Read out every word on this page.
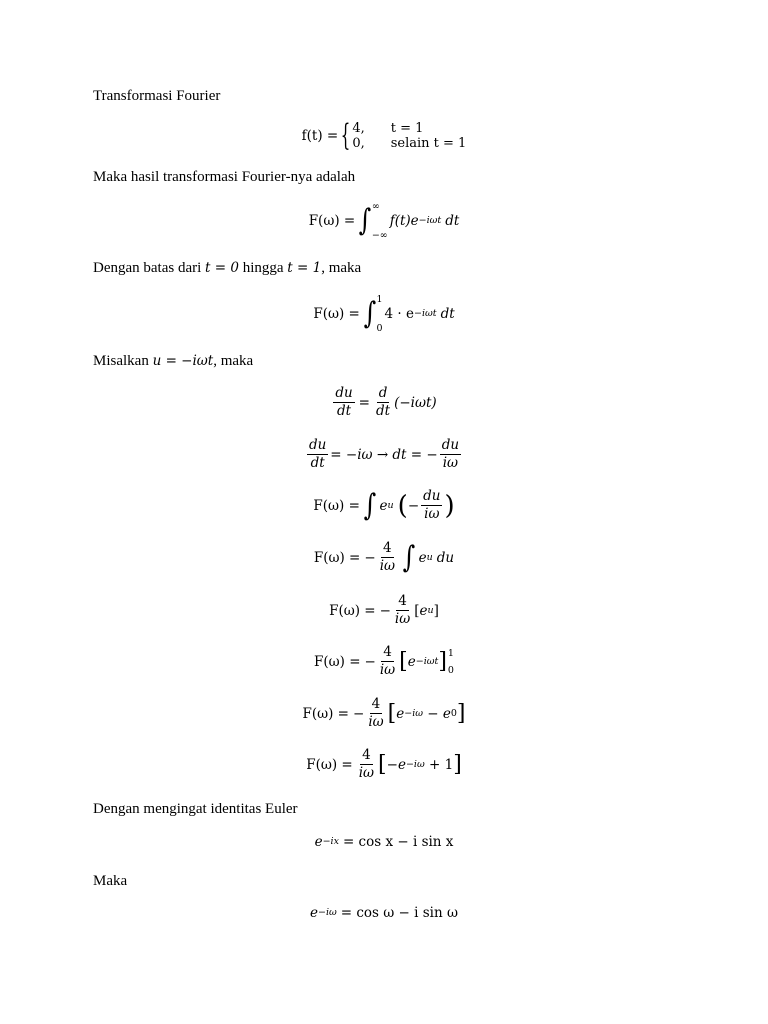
Transformasi Fourier
f(t) = { 4, t = 1
0, selain t = 1
Maka hasil transformasi Fourier-nya adalah
F(ω) = ∫ ∞
−∞
f(t)e −iωt dt
Dengan batas dari t = 0 hingga t = 1, maka
F(ω) = ∫ 1
0
4 · e −iωt dt
Misalkan u = −iωt, maka
$\frac{du}{dt} = \frac{d}{dt} (-i\omega t)$
$\frac{du}{dt} = -i\omega$ → dt = − $\frac{du}{i\omega}$
F(ω) = ∫ e u ( − $\frac{du}{i\omega}$ )
F(ω) = − $\frac{4}{i\omega}$ ∫ e u du
F(ω) = − $\frac{4}{i\omega}$ [ e u ]
F(ω) = − $\frac{4}{i\omega}$ [ e −iωt ] 1
0
F(ω) = − $\frac{4}{i\omega}$ [ e −iω − e 0 ]
$F(\omega) = \frac{4}{i\omega}$ [ −e −iω + 1 ]
Dengan mengingat identitas Euler
e −ix = cos x − i sin x
Maka
e −iω = cos ω − i sin ω
